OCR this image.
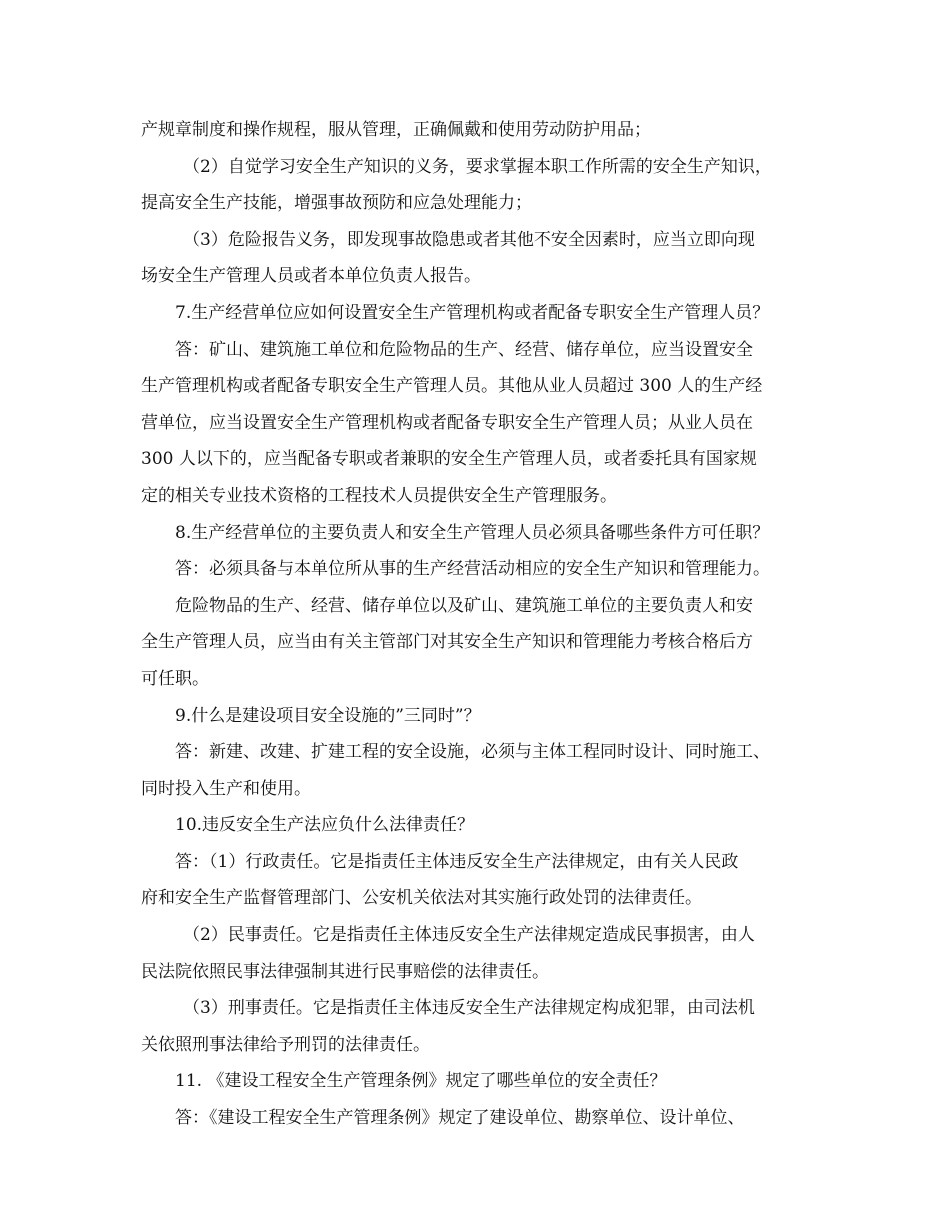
产规章制度和操作规程，服从管理，正确佩戴和使用劳动防护用品；
（2）自觉学习安全生产知识的义务，要求掌握本职工作所需的安全生产知识，
提高安全生产技能，增强事故预防和应急处理能力；
（3）危险报告义务，即发现事故隐患或者其他不安全因素时，应当立即向现
场安全生产管理人员或者本单位负责人报告。
7.生产经营单位应如何设置安全生产管理机构或者配备专职安全生产管理人员？
答：矿山、建筑施工单位和危险物品的生产、经营、储存单位，应当设置安全
生产管理机构或者配备专职安全生产管理人员。其他从业人员超过 300 人的生产经
营单位，应当设置安全生产管理机构或者配备专职安全生产管理人员；从业人员在
300 人以下的，应当配备专职或者兼职的安全生产管理人员，或者委托具有国家规
定的相关专业技术资格的工程技术人员提供安全生产管理服务。
8.生产经营单位的主要负责人和安全生产管理人员必须具备哪些条件方可任职？
答：必须具备与本单位所从事的生产经营活动相应的安全生产知识和管理能力。
危险物品的生产、经营、储存单位以及矿山、建筑施工单位的主要负责人和安
全生产管理人员，应当由有关主管部门对其安全生产知识和管理能力考核合格后方
可任职。
9.什么是建设项目安全设施的”三同时”？
答：新建、改建、扩建工程的安全设施，必须与主体工程同时设计、同时施工、
同时投入生产和使用。
10.违反安全生产法应负什么法律责任？
答：（1）行政责任。它是指责任主体违反安全生产法律规定，由有关人民政
府和安全生产监督管理部门、公安机关依法对其实施行政处罚的法律责任。
（2）民事责任。它是指责任主体违反安全生产法律规定造成民事损害，由人
民法院依照民事法律强制其进行民事赔偿的法律责任。
（3）刑事责任。它是指责任主体违反安全生产法律规定构成犯罪，由司法机
关依照刑事法律给予刑罚的法律责任。
11. 《建设工程安全生产管理条例》规定了哪些单位的安全责任？
答：《建设工程安全生产管理条例》规定了建设单位、勘察单位、设计单位、
